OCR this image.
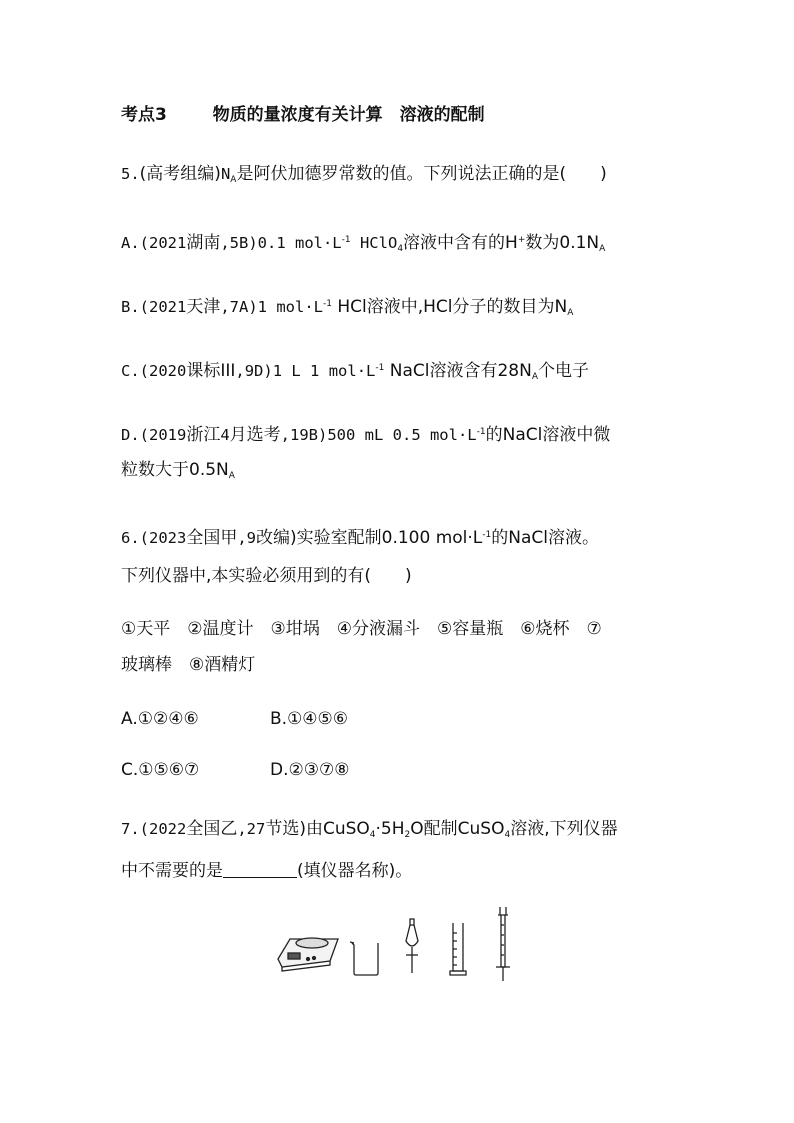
考点3	物质的量浓度有关计算　溶液的配制
5.(高考组编)$N_A$是阿伏加德罗常数的值。下列说法正确的是(　　)
A.(2021湖南,5B)0.1 $mol\cdot L^{-1}$ HClO$_4$溶液中含有的H+数为$0.1N_A$
B.(2021天津,7A)1 $mol\cdot L^{-1}$ HCl溶液中,HCl分子的数目为$N_A$
C.(2020课标III,9D)1 L 1 $mol\cdot L^{-1}$ NaCl溶液含有$28N_A$个电子
D.(2019浙江4月选考,19B)500 mL 0.5 $mol\cdot L^{-1}$的NaCl溶液中微
粒数大于$0.5N_A$
6.(2023全国甲,9改编)实验室配制0.100 $mol\cdot L^{-1}$的NaCl溶液。
下列仪器中,本实验必须用到的有(　　)
①天平　②温度计　③坩埚　④分液漏斗　⑤容量瓶　⑥烧杯　⑦
玻璃棒　⑧酒精灯
A.①②④⑥	B.①④⑤⑥
C.①⑤⑥⑦	D.②③⑦⑧
7.(2022全国乙,27节选)由$CuSO_4\cdot 5H_2O$配制CuSO$_4$溶液,下列仪器
中不需要的是	(填仪器名称)。
